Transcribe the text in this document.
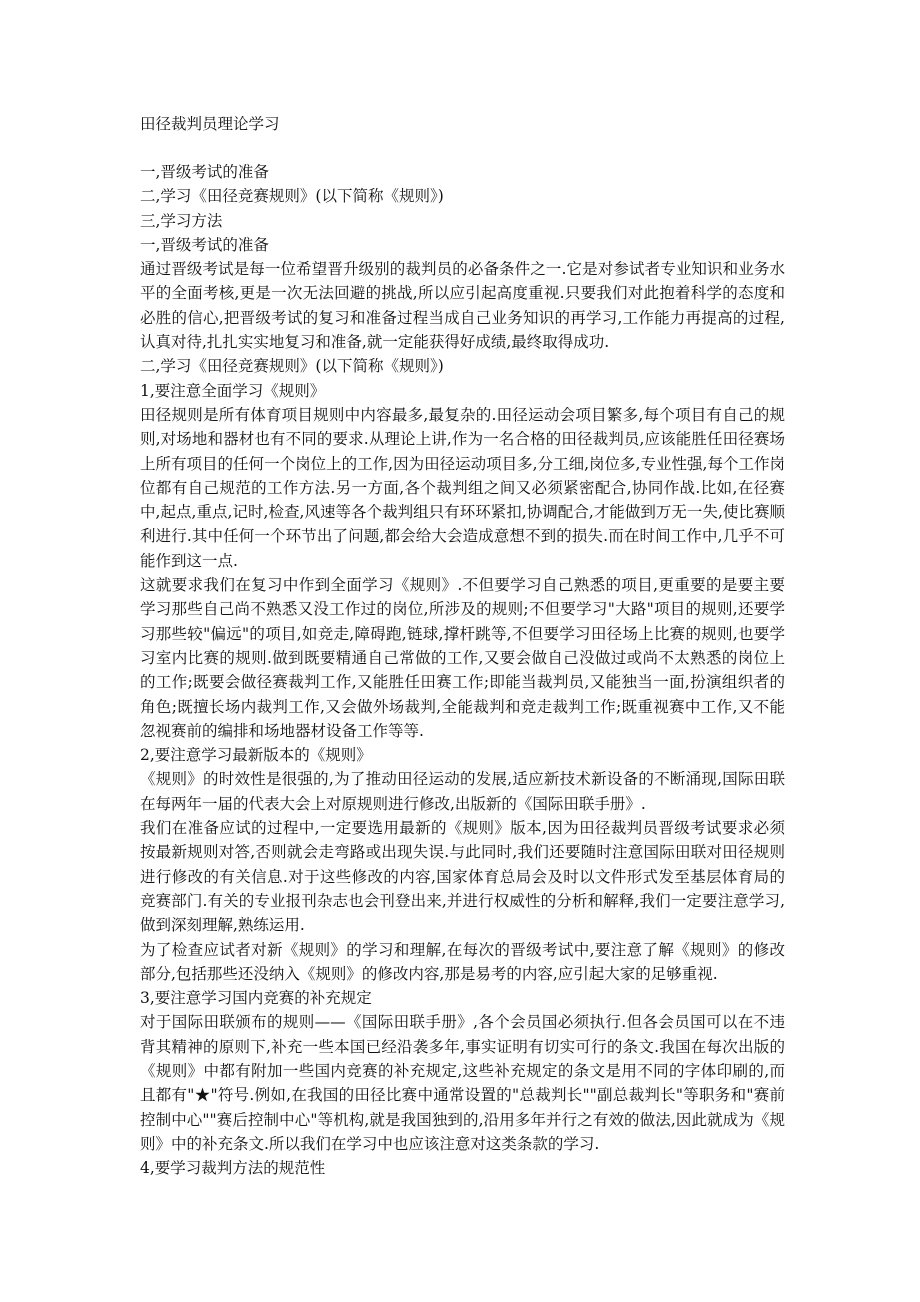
田径裁判员理论学习

一,晋级考试的准备

二,学习《田径竞赛规则》(以下简称《规则》)

三,学习方法

一,晋级考试的准备

通过晋级考试是每一位希望晋升级别的裁判员的必备条件之一.它是对参试者专业知识和业务水平的全面考核,更是一次无法回避的挑战,所以应引起高度重视.只要我们对此抱着科学的态度和必胜的信心,把晋级考试的复习和准备过程当成自己业务知识的再学习,工作能力再提高的过程,认真对待,扎扎实实地复习和准备,就一定能获得好成绩,最终取得成功.

二,学习《田径竞赛规则》(以下简称《规则》)

1,要注意全面学习《规则》

田径规则是所有体育项目规则中内容最多,最复杂的.田径运动会项目繁多,每个项目有自己的规则,对场地和器材也有不同的要求.从理论上讲,作为一名合格的田径裁判员,应该能胜任田径赛场上所有项目的任何一个岗位上的工作,因为田径运动项目多,分工细,岗位多,专业性强,每个工作岗位都有自己规范的工作方法.另一方面,各个裁判组之间又必须紧密配合,协同作战.比如,在径赛中,起点,重点,记时,检查,风速等各个裁判组只有环环紧扣,协调配合,才能做到万无一失,使比赛顺利进行.其中任何一个环节出了问题,都会给大会造成意想不到的损失.而在时间工作中,几乎不可能作到这一点.

这就要求我们在复习中作到全面学习《规则》.不但要学习自己熟悉的项目,更重要的是要主要学习那些自己尚不熟悉又没工作过的岗位,所涉及的规则;不但要学习"大路"项目的规则,还要学习那些较"偏远"的项目,如竞走,障碍跑,链球,撑杆跳等,不但要学习田径场上比赛的规则,也要学习室内比赛的规则.做到既要精通自己常做的工作,又要会做自己没做过或尚不太熟悉的岗位上的工作;既要会做径赛裁判工作,又能胜任田赛工作;即能当裁判员,又能独当一面,扮演组织者的角色;既擅长场内裁判工作,又会做外场裁判,全能裁判和竞走裁判工作;既重视赛中工作,又不能忽视赛前的编排和场地器材设备工作等等.

2,要注意学习最新版本的《规则》

《规则》的时效性是很强的,为了推动田径运动的发展,适应新技术新设备的不断涌现,国际田联在每两年一届的代表大会上对原规则进行修改,出版新的《国际田联手册》.

我们在准备应试的过程中,一定要选用最新的《规则》版本,因为田径裁判员晋级考试要求必须按最新规则对答,否则就会走弯路或出现失误.与此同时,我们还要随时注意国际田联对田径规则进行修改的有关信息.对于这些修改的内容,国家体育总局会及时以文件形式发至基层体育局的竞赛部门.有关的专业报刊杂志也会刊登出来,并进行权威性的分析和解释,我们一定要注意学习,做到深刻理解,熟练运用.

为了检查应试者对新《规则》的学习和理解,在每次的晋级考试中,要注意了解《规则》的修改部分,包括那些还没纳入《规则》的修改内容,那是易考的内容,应引起大家的足够重视.

3,要注意学习国内竞赛的补充规定

对于国际田联颁布的规则——《国际田联手册》,各个会员国必须执行.但各会员国可以在不违背其精神的原则下,补充一些本国已经沿袭多年,事实证明有切实可行的条文.我国在每次出版的《规则》中都有附加一些国内竞赛的补充规定,这些补充规定的条文是用不同的字体印刷的,而且都有"★"符号.例如,在我国的田径比赛中通常设置的"总裁判长""副总裁判长"等职务和"赛前控制中心""赛后控制中心"等机构,就是我国独到的,沿用多年并行之有效的做法,因此就成为《规则》中的补充条文.所以我们在学习中也应该注意对这类条款的学习.

4,要学习裁判方法的规范性
